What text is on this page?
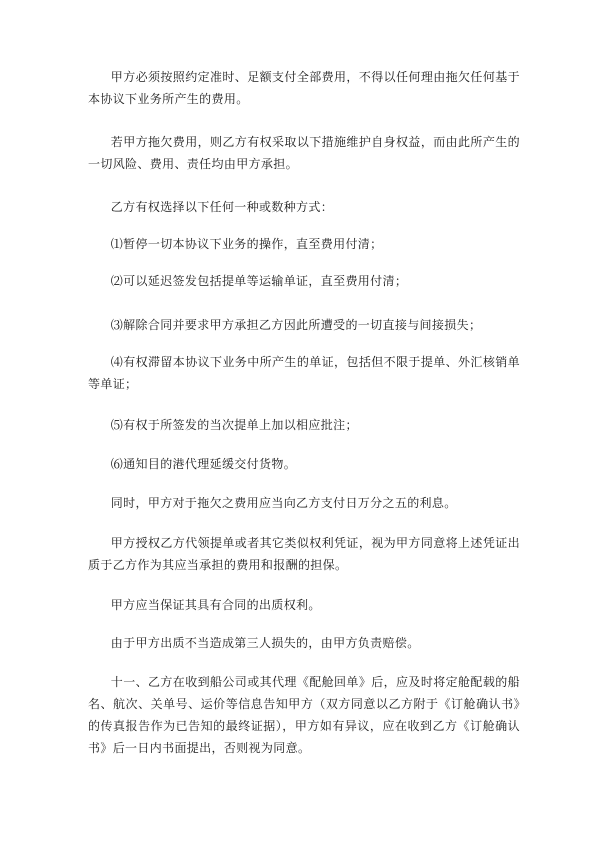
甲方必须按照约定准时、足额支付全部费用，不得以任何理由拖欠任何基于本协议下业务所产生的费用。

若甲方拖欠费用，则乙方有权采取以下措施维护自身权益，而由此所产生的一切风险、费用、责任均由甲方承担。

乙方有权选择以下任何一种或数种方式：

⑴暂停一切本协议下业务的操作，直至费用付清；

⑵可以延迟签发包括提单等运输单证，直至费用付清；

⑶解除合同并要求甲方承担乙方因此所遭受的一切直接与间接损失；

⑷有权滞留本协议下业务中所产生的单证，包括但不限于提单、外汇核销单等单证；

⑸有权于所签发的当次提单上加以相应批注；

⑹通知目的港代理延缓交付货物。

同时，甲方对于拖欠之费用应当向乙方支付日万分之五的利息。

甲方授权乙方代领提单或者其它类似权利凭证，视为甲方同意将上述凭证出质于乙方作为其应当承担的费用和报酬的担保。

甲方应当保证其具有合同的出质权利。

由于甲方出质不当造成第三人损失的，由甲方负责赔偿。

十一、乙方在收到船公司或其代理《配舱回单》后，应及时将定舱配载的船名、航次、关单号、运价等信息告知甲方（双方同意以乙方附于《订舱确认书》的传真报告作为已告知的最终证据），甲方如有异议，应在收到乙方《订舱确认书》后一日内书面提出，否则视为同意。
